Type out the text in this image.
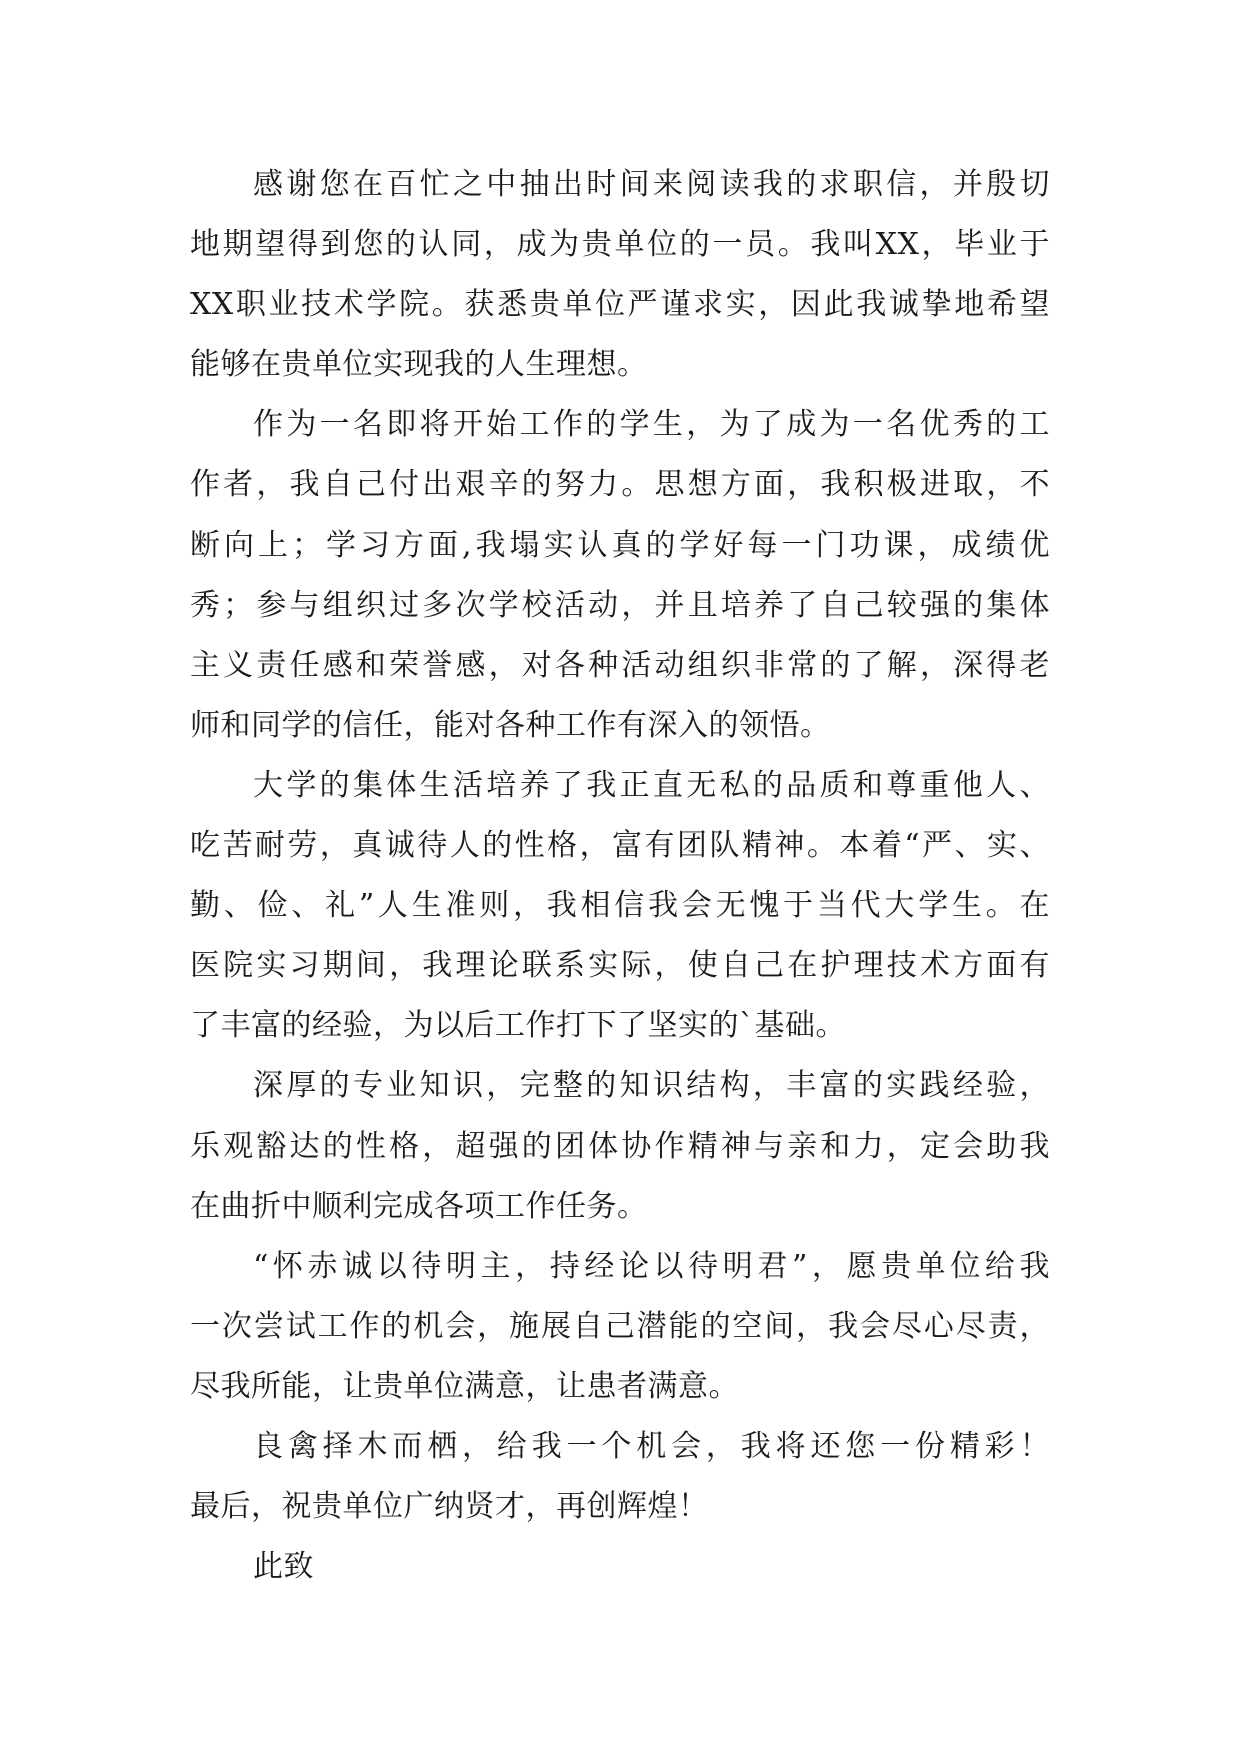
感谢您在百忙之中抽出时间来阅读我的求职信，并殷切
地期望得到您的认同，成为贵单位的一员。我叫XX，毕业于
XX职业技术学院。获悉贵单位严谨求实，因此我诚挚地希望
能够在贵单位实现我的人生理想。
作为一名即将开始工作的学生，为了成为一名优秀的工
作者，我自己付出艰辛的努力。思想方面，我积极进取，不
断向上；学习方面,我塌实认真的学好每一门功课，成绩优
秀；参与组织过多次学校活动，并且培养了自己较强的集体
主义责任感和荣誉感，对各种活动组织非常的了解，深得老
师和同学的信任，能对各种工作有深入的领悟。
大学的集体生活培养了我正直无私的品质和尊重他人、
吃苦耐劳，真诚待人的性格，富有团队精神。本着“严、实、
勤、俭、礼”人生准则，我相信我会无愧于当代大学生。在
医院实习期间，我理论联系实际，使自己在护理技术方面有
了丰富的经验，为以后工作打下了坚实的`基础。
深厚的专业知识，完整的知识结构，丰富的实践经验，
乐观豁达的性格，超强的团体协作精神与亲和力，定会助我
在曲折中顺利完成各项工作任务。
“怀赤诚以待明主，持经论以待明君”，愿贵单位给我
一次尝试工作的机会，施展自己潜能的空间，我会尽心尽责，
尽我所能，让贵单位满意，让患者满意。
良禽择木而栖，给我一个机会，我将还您一份精彩！
最后，祝贵单位广纳贤才，再创辉煌！
此致
